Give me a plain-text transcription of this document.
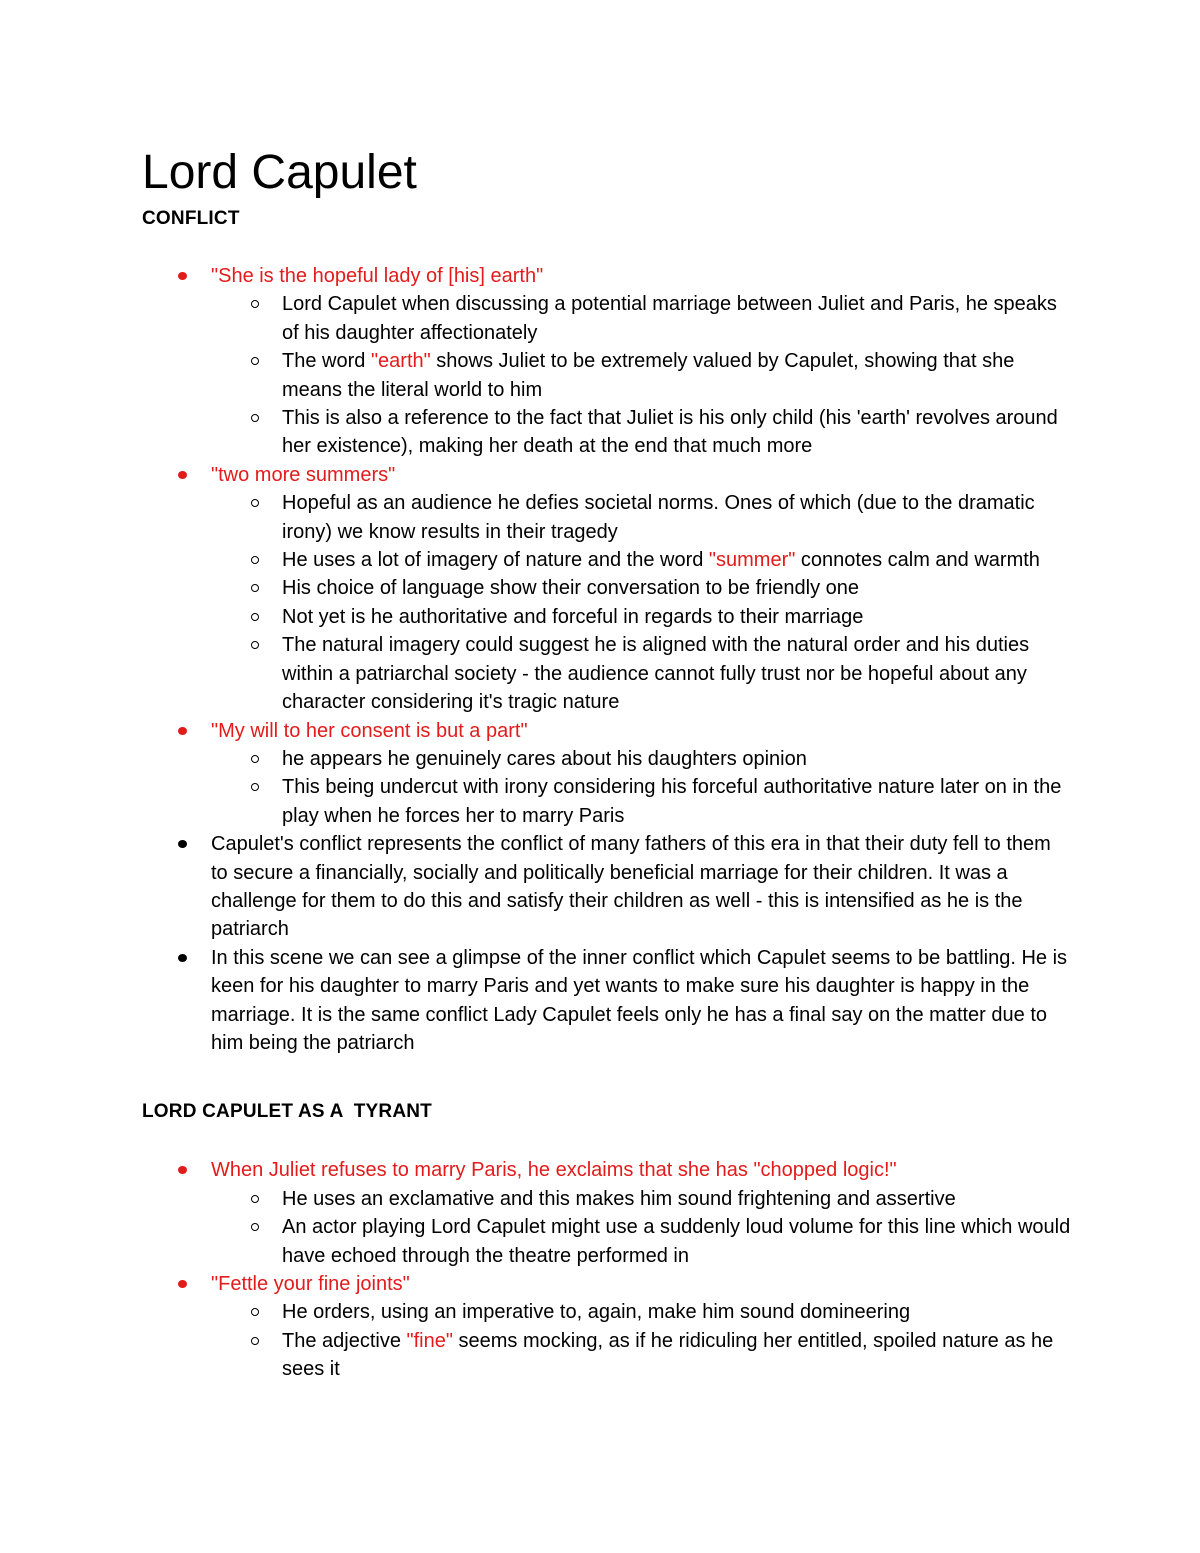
Lord Capulet
CONFLICT
"She is the hopeful lady of [his] earth"
Lord Capulet when discussing a potential marriage between Juliet and Paris, he speaks of his daughter affectionately
The word "earth" shows Juliet to be extremely valued by Capulet, showing that she means the literal world to him
This is also a reference to the fact that Juliet is his only child (his 'earth' revolves around her existence), making her death at the end that much more
"two more summers"
Hopeful as an audience he defies societal norms. Ones of which (due to the dramatic irony) we know results in their tragedy
He uses a lot of imagery of nature and the word "summer" connotes calm and warmth
His choice of language show their conversation to be friendly one
Not yet is he authoritative and forceful in regards to their marriage
The natural imagery could suggest he is aligned with the natural order and his duties within a patriarchal society - the audience cannot fully trust nor be hopeful about any character considering it's tragic nature
"My will to her consent is but a part"
he appears he genuinely cares about his daughters opinion
This being undercut with irony considering his forceful authoritative nature later on in the play when he forces her to marry Paris
Capulet's conflict represents the conflict of many fathers of this era in that their duty fell to them to secure a financially, socially and politically beneficial marriage for their children. It was a challenge for them to do this and satisfy their children as well - this is intensified as he is the patriarch
In this scene we can see a glimpse of the inner conflict which Capulet seems to be battling. He is keen for his daughter to marry Paris and yet wants to make sure his daughter is happy in the marriage. It is the same conflict Lady Capulet feels only he has a final say on the matter due to him being the patriarch
LORD CAPULET AS A  TYRANT
When Juliet refuses to marry Paris, he exclaims that she has "chopped logic!"
He uses an exclamative and this makes him sound frightening and assertive
An actor playing Lord Capulet might use a suddenly loud volume for this line which would have echoed through the theatre performed in
"Fettle your fine joints"
He orders, using an imperative to, again, make him sound domineering
The adjective "fine" seems mocking, as if he ridiculing her entitled, spoiled nature as he sees it
